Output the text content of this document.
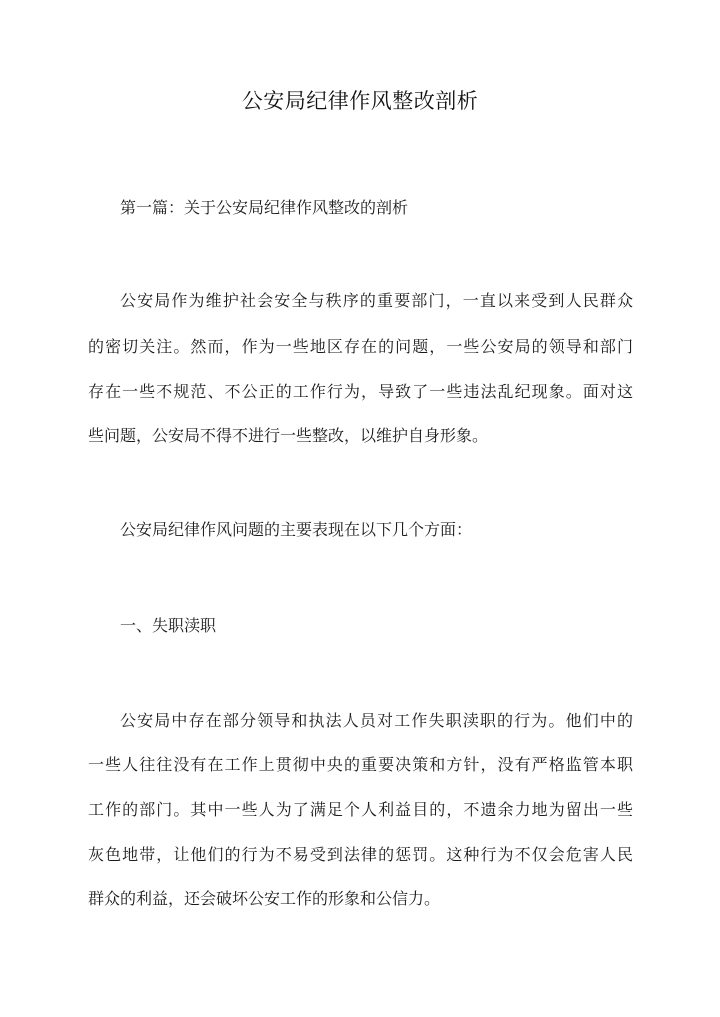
公安局纪律作风整改剖析
第一篇：关于公安局纪律作风整改的剖析
公安局作为维护社会安全与秩序的重要部门，一直以来受到人民群众
的密切关注。然而，作为一些地区存在的问题，一些公安局的领导和部门
存在一些不规范、不公正的工作行为，导致了一些违法乱纪现象。面对这
些问题，公安局不得不进行一些整改，以维护自身形象。
公安局纪律作风问题的主要表现在以下几个方面：
一、失职渎职
公安局中存在部分领导和执法人员对工作失职渎职的行为。他们中的
一些人往往没有在工作上贯彻中央的重要决策和方针，没有严格监管本职
工作的部门。其中一些人为了满足个人利益目的，不遗余力地为留出一些
灰色地带，让他们的行为不易受到法律的惩罚。这种行为不仅会危害人民
群众的利益，还会破坏公安工作的形象和公信力。
